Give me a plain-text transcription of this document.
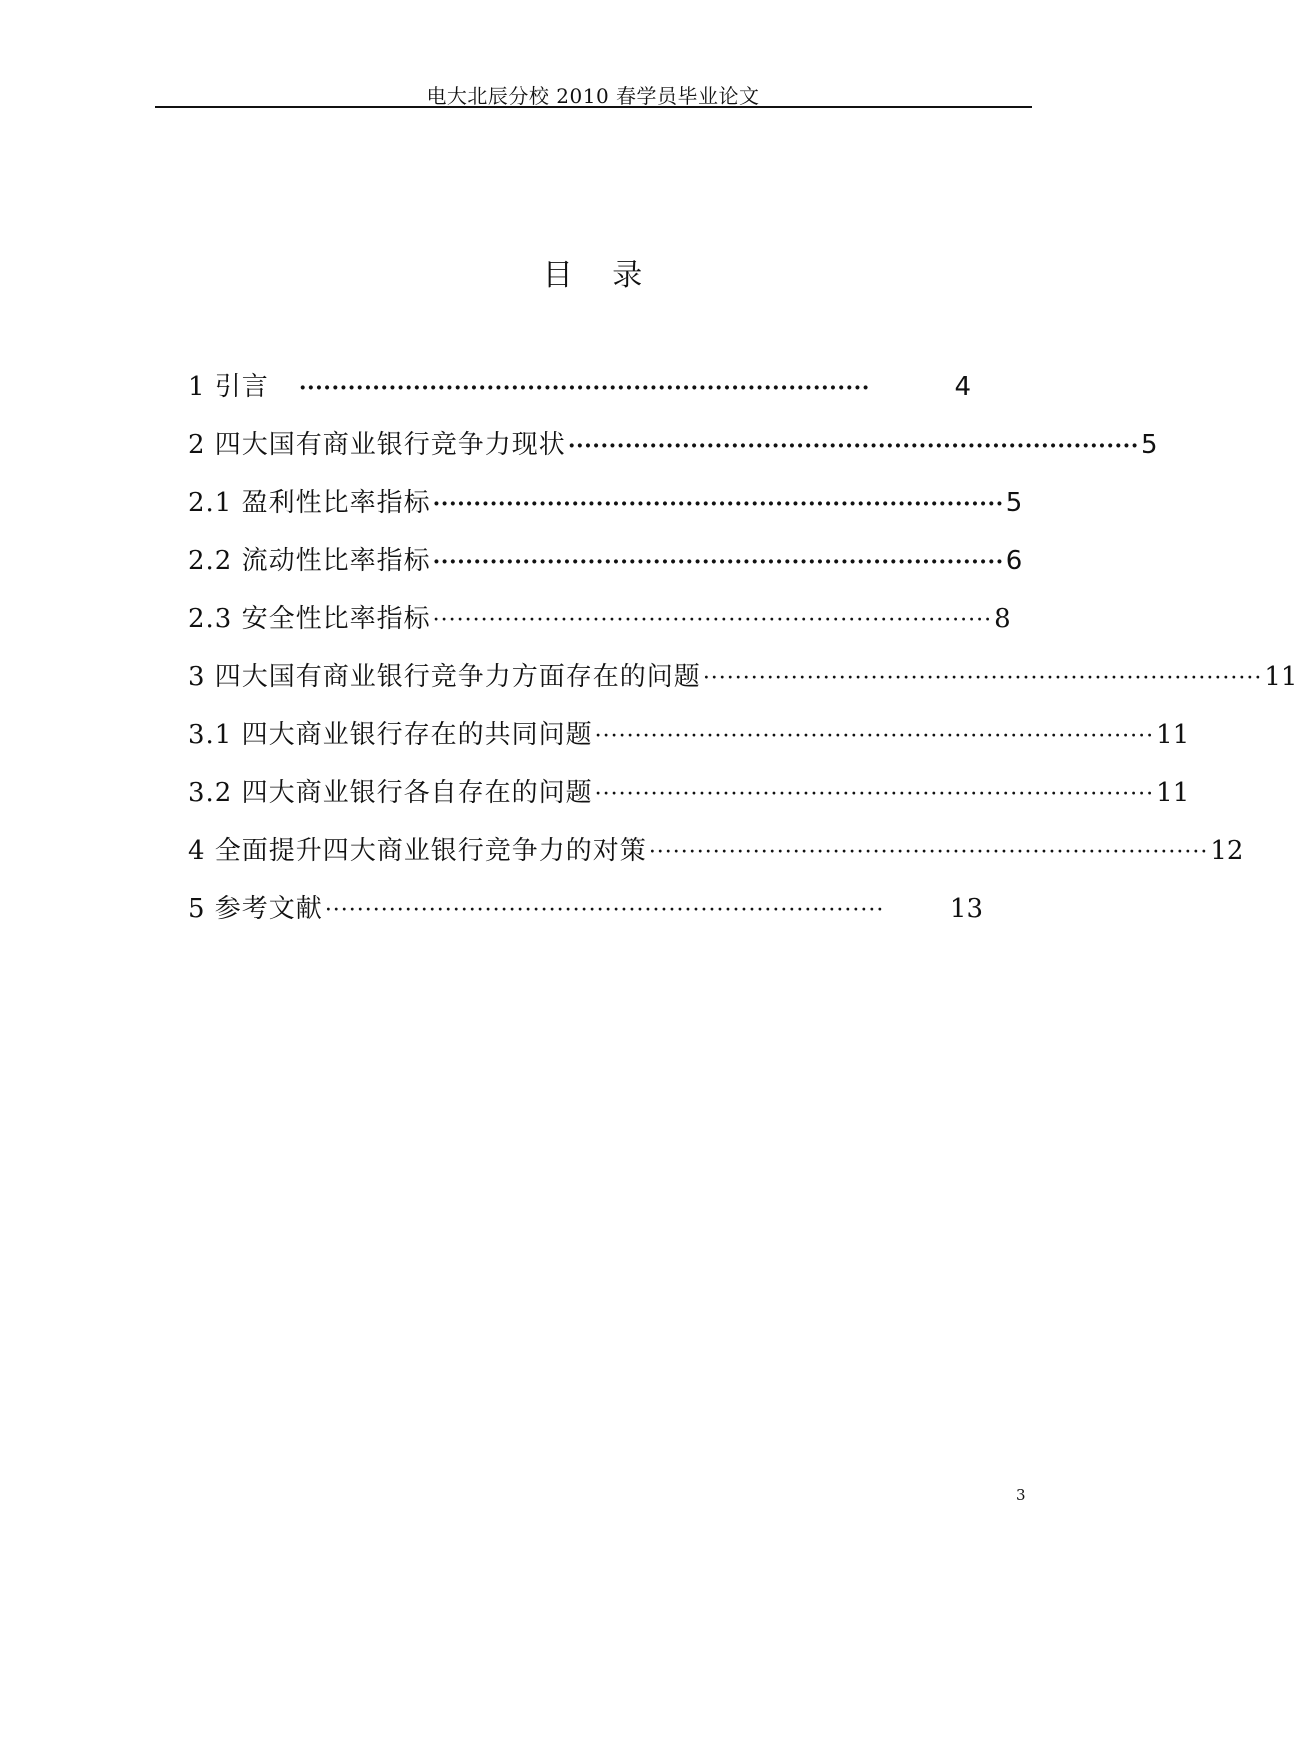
电大北辰分校 2010 春学员毕业论文
目 录
1 引言 ······································································	4
2 四大国有商业银行竞争力现状 ······································································ 5
2.1 盈利性比率指标 ······································································ 5
2.2 流动性比率指标 ······································································ 6
2.3 安全性比率指标 ······································································ 8
3 四大国有商业银行竞争力方面存在的问题 ······································································ 11
3.1 四大商业银行存在的共同问题 ······································································ 11
3.2 四大商业银行各自存在的问题 ······································································ 11
4 全面提升四大商业银行竞争力的对策 ······································································ 12
5 参考文献 ······································································	13
3
